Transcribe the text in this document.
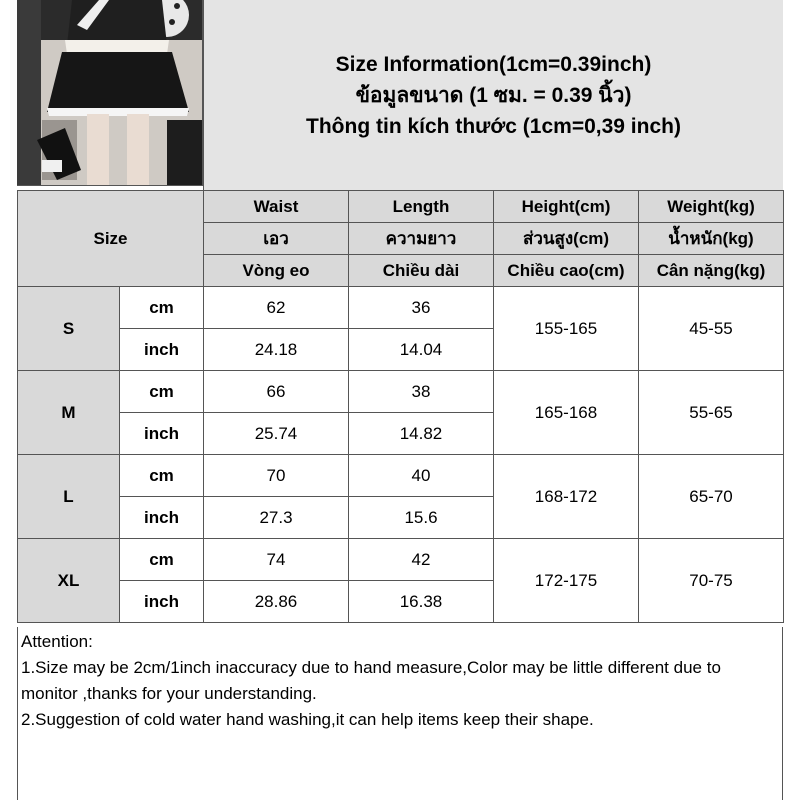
Size Information(1cm=0.39inch)
ข้อมูลขนาด (1 ซม. = 0.39 นิ้ว)
Thông tin kích thước (1cm=0,39 inch)
Size		Waist	Length	Height(cm)	Weight(kg)
		เอว	ความยาว	ส่วนสูง(cm)	น้ำหนัก(kg)
		Vòng eo	Chiều dài	Chiều cao(cm)	Cân nặng(kg)
S	cm	62	36	155-165	45-55
	inch	24.18	14.04		
M	cm	66	38	165-168	55-65
	inch	25.74	14.82		
L	cm	70	40	168-172	65-70
	inch	27.3	15.6		
XL	cm	74	42	172-175	70-75
	inch	28.86	16.38		

Attention:

1.Size may be 2cm/1inch inaccuracy due to hand measure,Color may be little different due to monitor ,thanks for your understanding.

2.Suggestion of cold water hand washing,it can help items keep their shape.
